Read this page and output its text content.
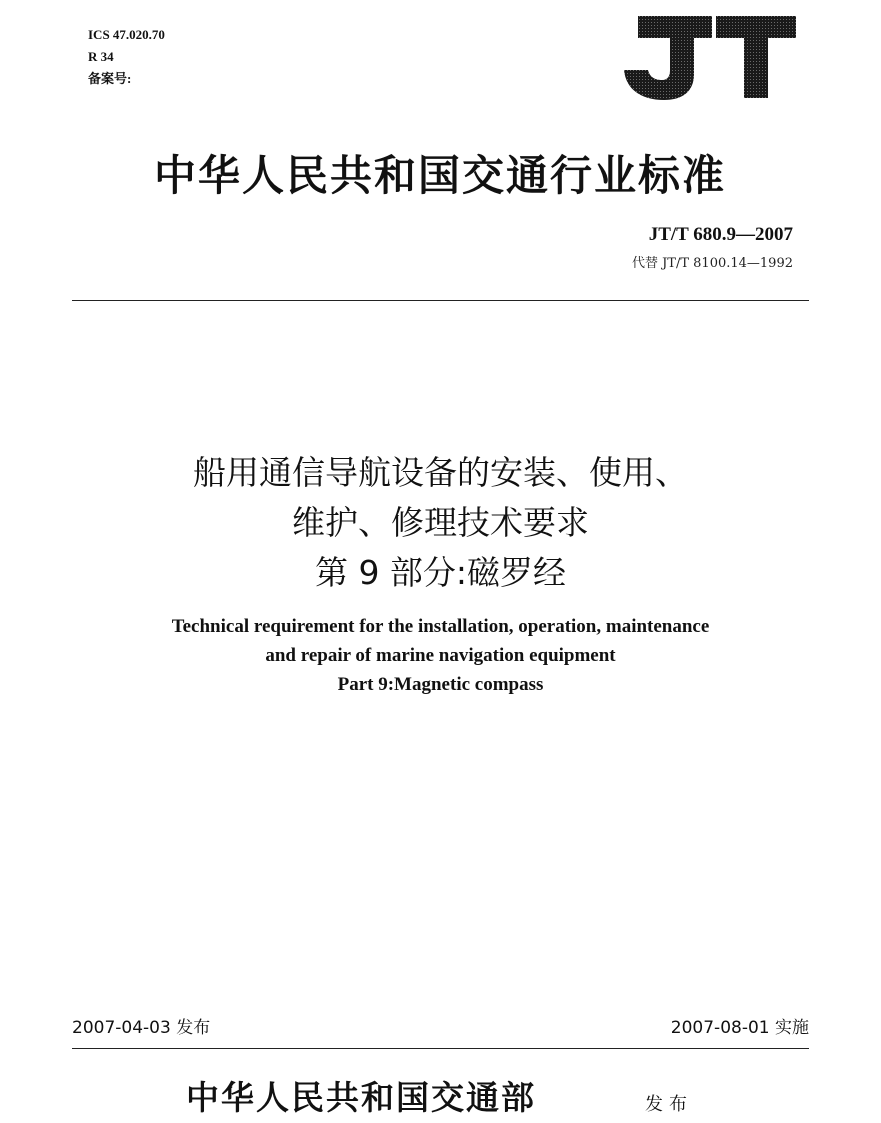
ICS 47.020.70
R 34
备案号:
中华人民共和国交通行业标准
JT/T 680.9—2007
代替 JT/T 8100.14—1992
船用通信导航设备的安装、使用、
维护、修理技术要求
第 9 部分:磁罗经
Technical requirement for the installation, operation, maintenance
and repair of marine navigation equipment
Part 9:Magnetic compass
2007-04-03 发布	2007-08-01 实施
中华人民共和国交通部	发布
